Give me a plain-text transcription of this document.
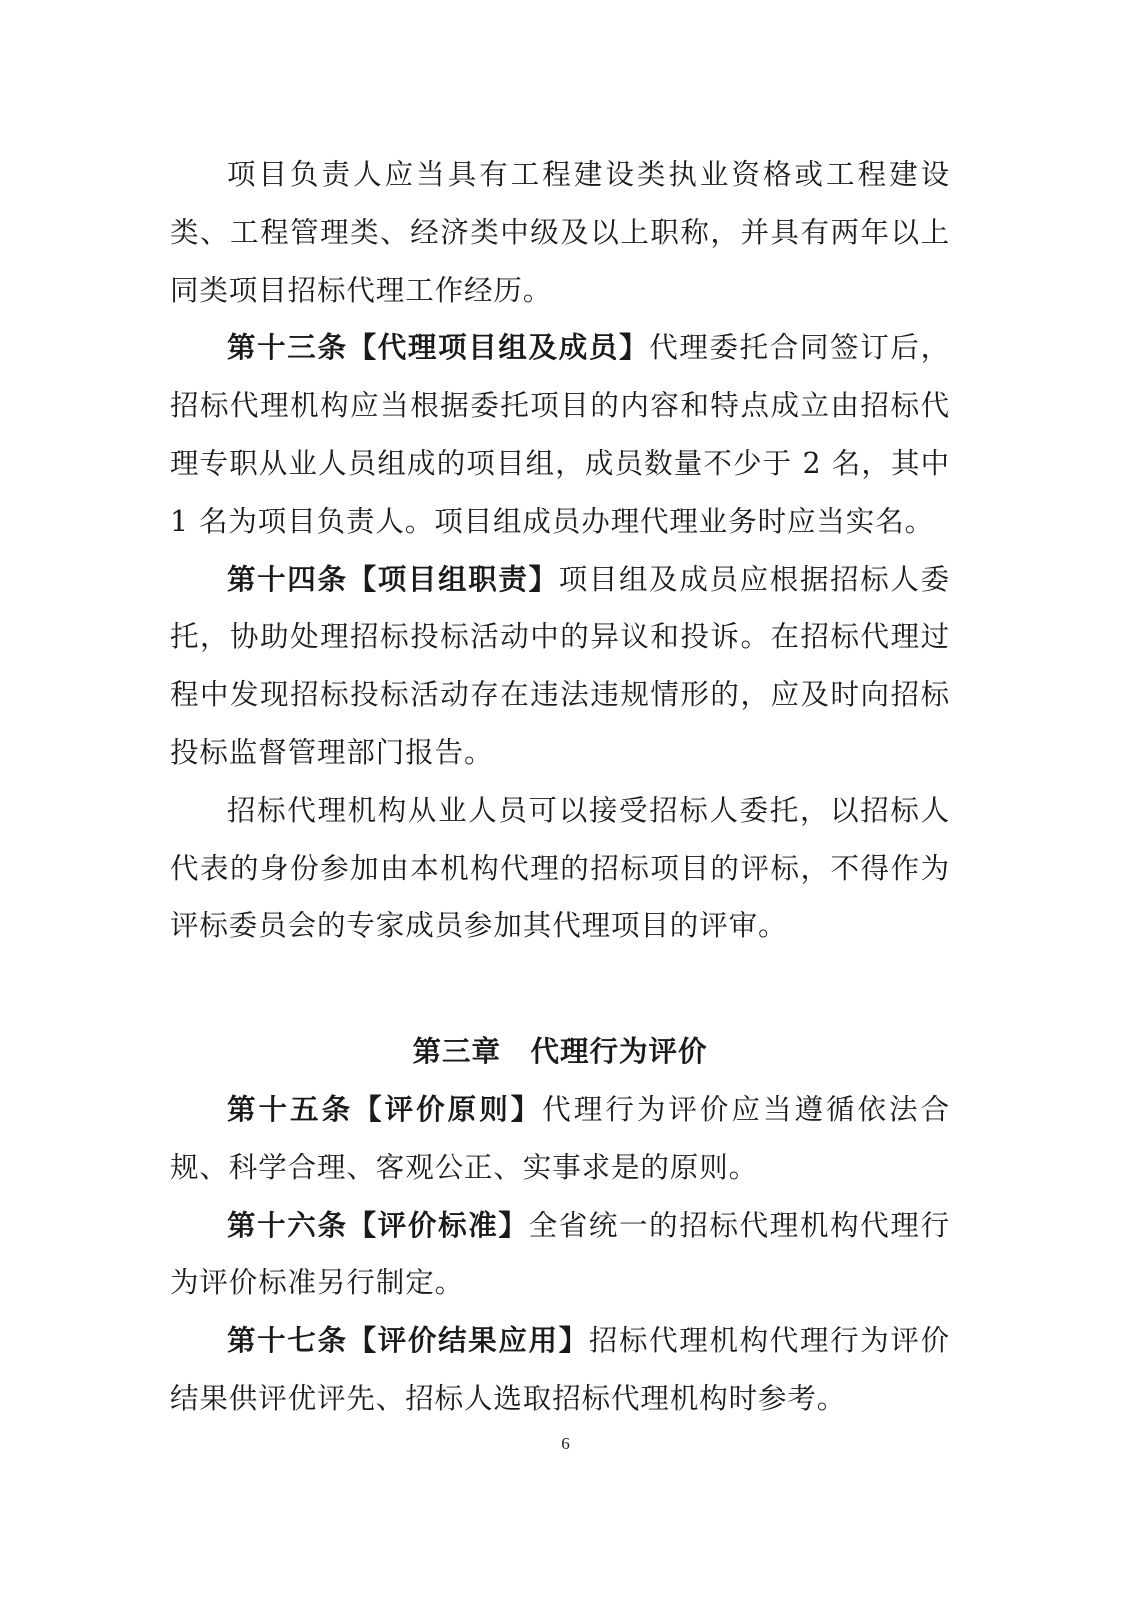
项目负责人应当具有工程建设类执业资格或工程建设类、工程管理类、经济类中级及以上职称，并具有两年以上同类项目招标代理工作经历。

第十三条【代理项目组及成员】代理委托合同签订后，招标代理机构应当根据委托项目的内容和特点成立由招标代理专职从业人员组成的项目组，成员数量不少于 2 名，其中 1 名为项目负责人。项目组成员办理代理业务时应当实名。

第十四条【项目组职责】项目组及成员应根据招标人委托，协助处理招标投标活动中的异议和投诉。在招标代理过程中发现招标投标活动存在违法违规情形的，应及时向招标投标监督管理部门报告。

招标代理机构从业人员可以接受招标人委托，以招标人代表的身份参加由本机构代理的招标项目的评标，不得作为评标委员会的专家成员参加其代理项目的评审。

第三章　代理行为评价

第十五条【评价原则】代理行为评价应当遵循依法合规、科学合理、客观公正、实事求是的原则。

第十六条【评价标准】全省统一的招标代理机构代理行为评价标准另行制定。

第十七条【评价结果应用】招标代理机构代理行为评价结果供评优评先、招标人选取招标代理机构时参考。

6
